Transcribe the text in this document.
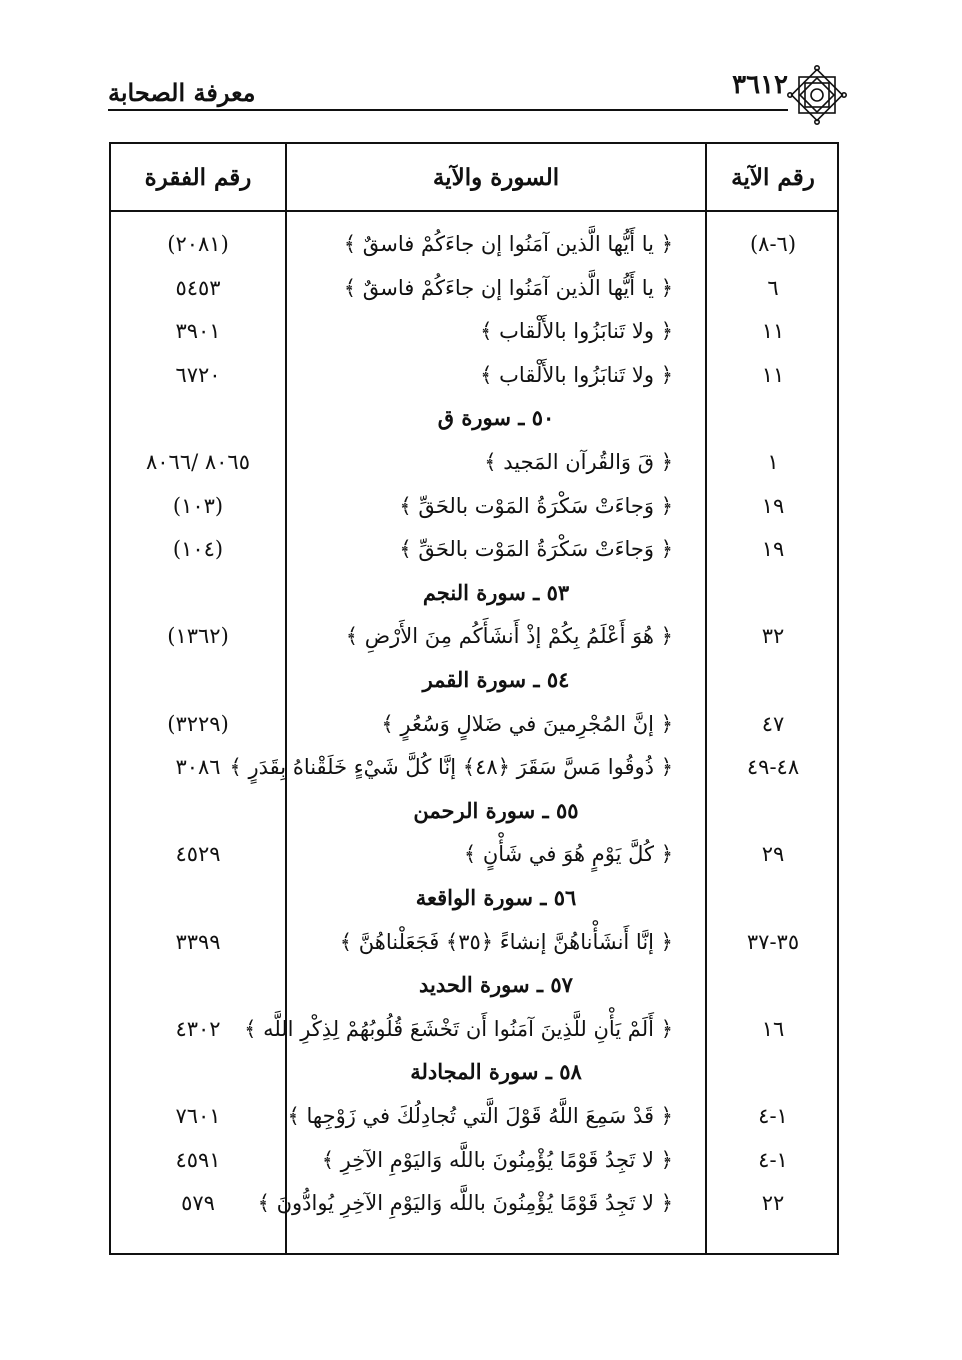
٣٦١٢
معرفة الصحابة
رقم الفقرة	السورة والآية	رقم الآية
(٢٠٨١)	﴿ يا أَيُّها الَّذين آمَنُوا إن جاءَكُمْ فاسقٌ ﴾	(٦-٨)
٥٤٥٣	﴿ يا أَيُّها الَّذين آمَنُوا إن جاءَكُمْ فاسقٌ ﴾	٦
٣٩٠١	﴿ ولا تَنابَزُوا بالأَلْقاب ﴾	١١
٦٧٢٠	﴿ ولا تَنابَزُوا بالأَلْقاب ﴾	١١
٥٠ ـ سورة ق
٨٠٦٥ /٨٠٦٦	﴿ قَ وَالقُرآن المَجيد ﴾	١
(١٠٣)	﴿ وَجاءَتْ سَكْرَةُ المَوْت بالحَقِّ ﴾	١٩
(١٠٤)	﴿ وَجاءَتْ سَكْرَةُ المَوْت بالحَقِّ ﴾	١٩
٥٣ ـ سورة النجم
(١٣٦٢)	﴿ هُوَ أَعْلَمُ بِكُمْ إذْ أَنشَأَكُم مِنَ الأَرْضِ ﴾	٣٢
٥٤ ـ سورة القمر
(٣٢٢٩)	﴿ إنَّ المُجْرِمينَ في ضَلالٍ وَسُعُرٍ ﴾	٤٧
٣٠٨٦ ﴿ ذُوقُوا مَسَّ سَقَرَ ﴿٤٨﴾ إنَّا كُلَّ شَيْءٍ خَلَقْناهُ بِقَدَرٍ ﴾	٤٨-٤٩
٥٥ ـ سورة الرحمن
٤٥٢٩	﴿ كُلَّ يَوْمٍ هُوَ في شَأْنٍ ﴾	٢٩
٥٦ ـ سورة الواقعة
٣٣٩٩	﴿ إنَّا أَنشَأْناهُنَّ إنشاءً ﴿٣٥﴾ فَجَعَلْناهُنَّ ﴾	٣٥-٣٧
٥٧ ـ سورة الحديد
٤٣٠٢	﴿ أَلَمْ يَأْنِ للَّذِينَ آمَنُوا أَن تَخْشَعَ قُلُوبُهُمْ لِذِكْرِ اللَّه ﴾	١٦
٥٨ ـ سورة المجادلة
٧٦٠١	﴿ قَدْ سَمِعَ اللَّهُ قَوْلَ الَّتي تُجادِلُكَ في زَوْجِها ﴾	١-٤
٤٥٩١	﴿ لا تَجِدُ قَوْمًا يُؤْمِنُونَ باللَّه وَاليَوْمِ الآخِرِ ﴾	١-٤
٥٧٩	﴿ لا تَجِدُ قَوْمًا يُؤْمِنُونَ باللَّه وَاليَوْمِ الآخِرِ يُوادُّونَ ﴾	٢٢
